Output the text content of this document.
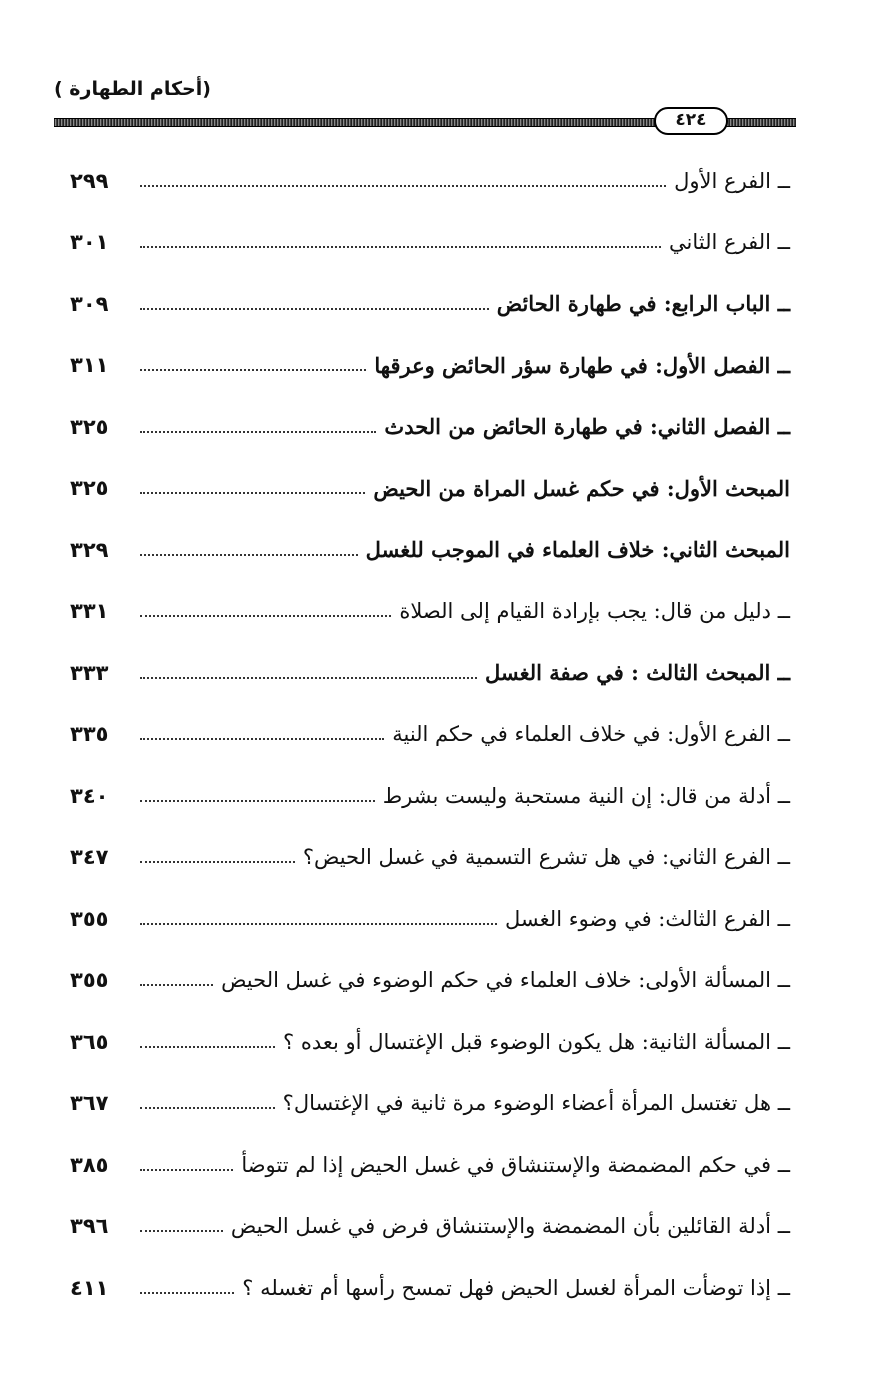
(أحكام الطهارة )
٤٢٤
٢٩٩	ــ الفرع الأول
٣٠١	ــ الفرع الثاني
٣٠٩	ــ الباب الرابع: في طهارة الحائض
٣١١	ــ الفصل الأول: في طهارة سؤر الحائض وعرقها
٣٢٥	ــ الفصل الثاني: في طهارة الحائض من الحدث
٣٢٥	المبحث الأول: في حكم غسل المراة من الحيض
٣٢٩	المبحث الثاني: خلاف العلماء في الموجب للغسل
٣٣١	ــ دليل من قال: يجب بإرادة القيام إلى الصلاة
٣٣٣	ــ المبحث الثالث : في صفة الغسل
٣٣٥	ــ الفرع الأول: في خلاف العلماء في حكم النية
٣٤٠	ــ أدلة من قال: إن النية مستحبة وليست بشرط
٣٤٧	ــ الفرع الثاني: في هل تشرع التسمية في غسل الحيض؟
٣٥٥	ــ الفرع الثالث: في وضوء الغسل
٣٥٥	ــ المسألة الأولى: خلاف العلماء في حكم الوضوء في غسل الحيض
٣٦٥	ــ المسألة الثانية: هل يكون الوضوء قبل الإغتسال أو بعده ؟
٣٦٧	ــ هل تغتسل المرأة أعضاء الوضوء مرة ثانية في الإغتسال؟
٣٨٥	ــ في حكم المضمضة والإستنشاق في غسل الحيض إذا لم تتوضأ
٣٩٦	ــ أدلة القائلين بأن المضمضة والإستنشاق فرض في غسل الحيض
٤١١	ــ إذا توضأت المرأة لغسل الحيض فهل تمسح رأسها أم تغسله ؟
